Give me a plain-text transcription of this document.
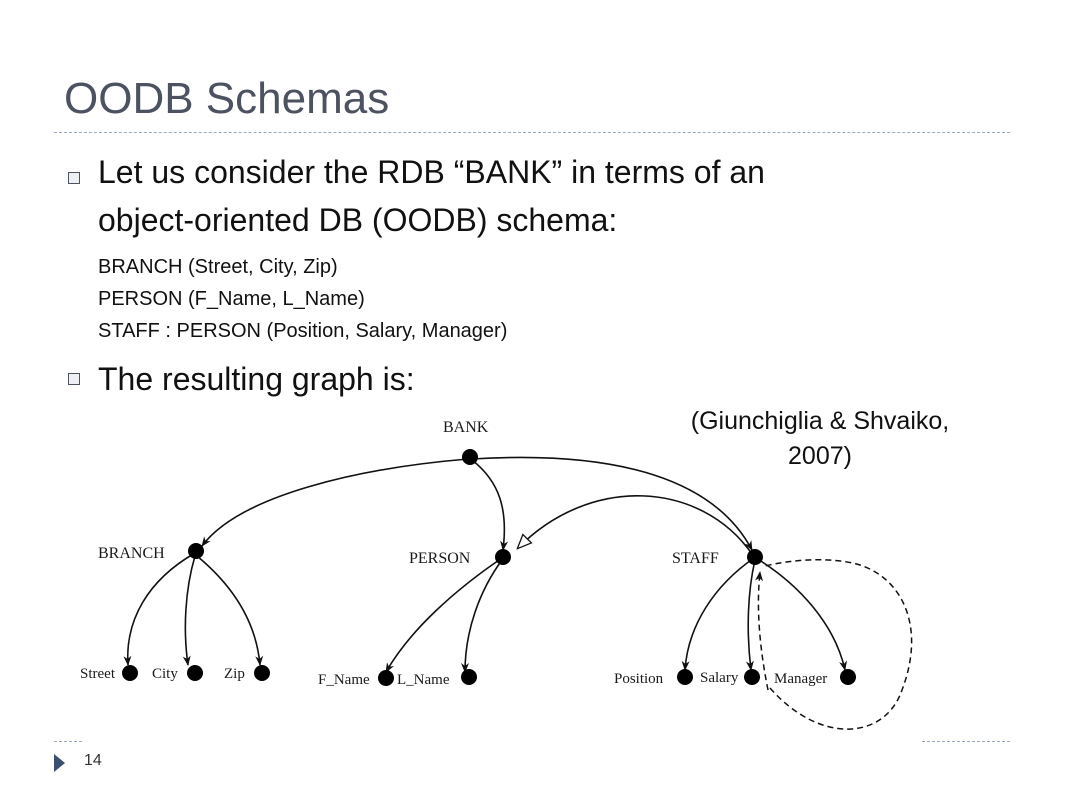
OODB Schemas
Let us consider the RDB “BANK” in terms of an
object-oriented DB (OODB) schema:
BRANCH (Street, City, Zip)
PERSON (F_Name, L_Name)
STAFF : PERSON (Position, Salary, Manager)
The resulting graph is:
(Giunchiglia & Shvaiko,
2007)
BANK
BRANCH	PERSON	STAFF
Street City	Zip	F_Name L_Name	Position Salary Manager
14
